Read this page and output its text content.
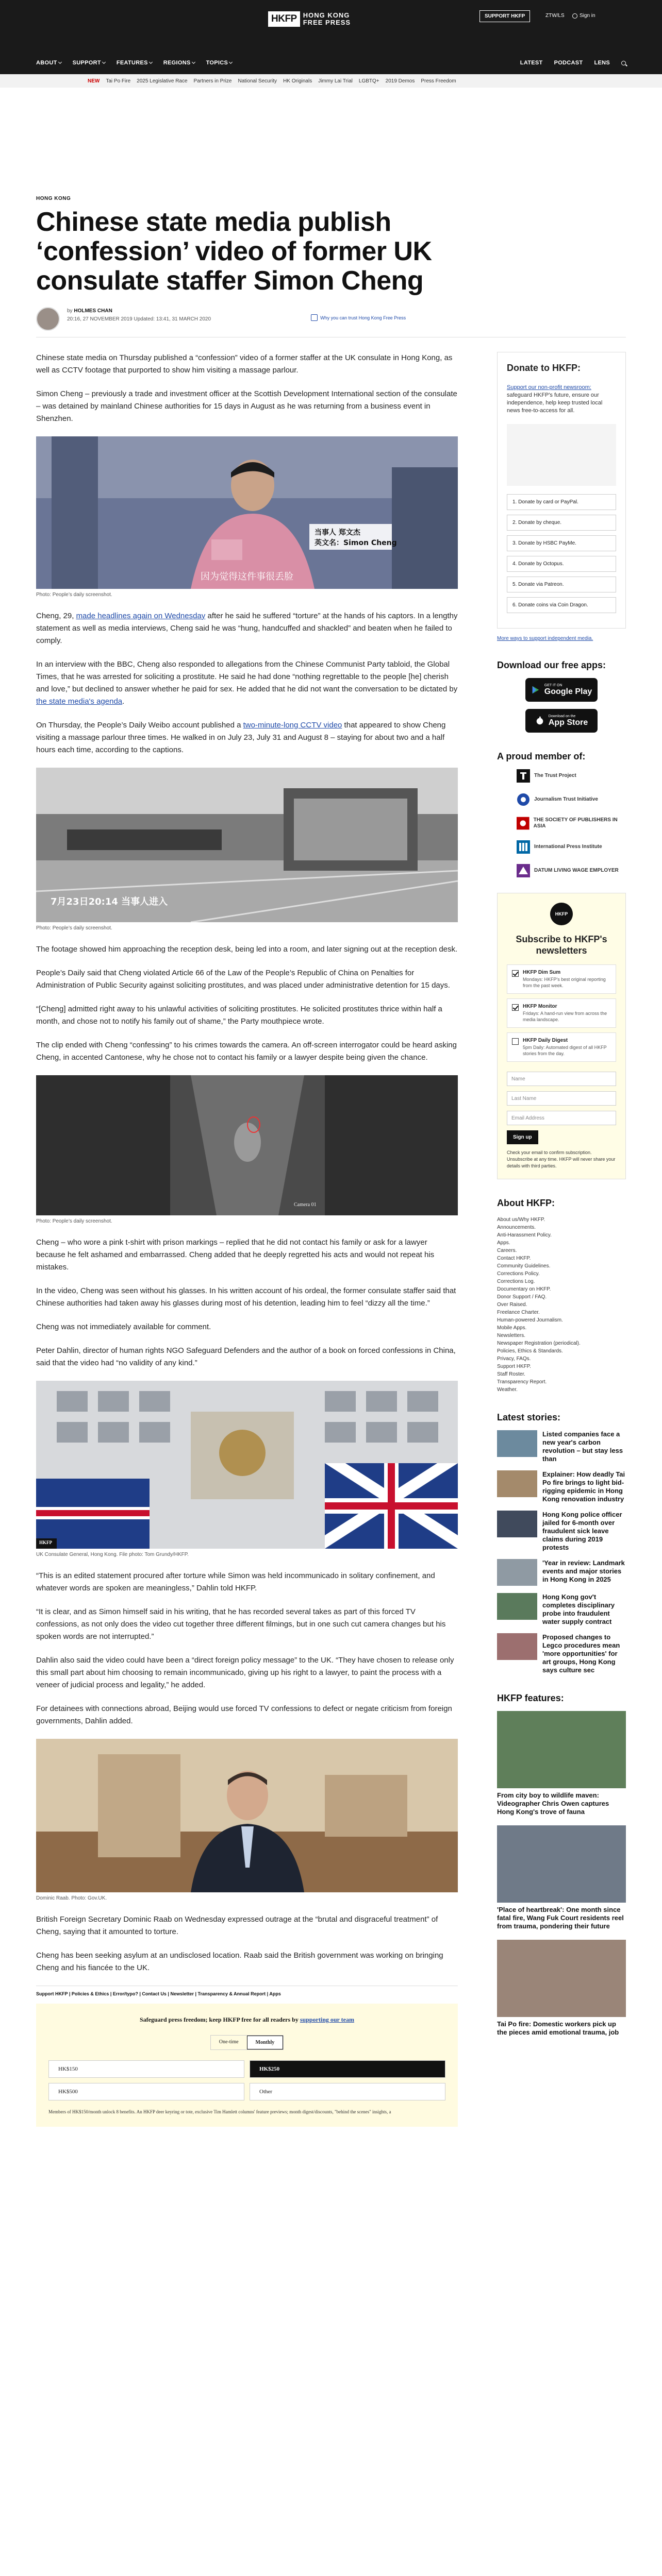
HKFP HONG KONG
FREE PRESS
SUPPORT HKFP	ZTW/LS	Sign in
ABOUT	SUPPORT	FEATURES	REGIONS	TOPICS	LATEST PODCAST LENS
NEW Tai Po Fire 2025 Legislative Race Partners in Prize National Security HK Originals Jimmy Lai Trial LGBTQ+ 2019 Demos Press Freedom
HONG KONG
Chinese state media publish ‘confession’ video of former UK consulate staffer Simon Cheng
by HOLMES CHAN
20:16, 27 NOVEMBER 2019 Updated: 13:41, 31 MARCH 2020	Why you can trust Hong Kong Free Press

Chinese state media on Thursday published a “confession” video of a former staffer at the UK consulate in Hong Kong, as well as CCTV footage that purported to show him visiting a massage parlour.

Simon Cheng – previously a trade and investment officer at the Scottish Development International section of the consulate – was detained by mainland Chinese authorities for 15 days in August as he was returning from a business event in Shenzhen.

当事人 郑文杰
英文名：Simon Cheng
因为觉得这件事很丢脸
Photo: People’s daily screenshot.

Cheng, 29, made headlines again on Wednesday after he said he suffered “torture” at the hands of his captors. In a lengthy statement as well as media interviews, Cheng said he was “hung, handcuffed and shackled” and beaten when he failed to comply.

In an interview with the BBC, Cheng also responded to allegations from the Chinese Communist Party tabloid, the Global Times, that he was arrested for soliciting a prostitute. He said he had done “nothing regrettable to the people [he] cherish and love,” but declined to answer whether he paid for sex. He added that he did not want the conversation to be dictated by the state media's agenda.

On Thursday, the People’s Daily Weibo account published a two-minute-long CCTV video that appeared to show Cheng visiting a massage parlour three times. He walked in on July 23, July 31 and August 8 – staying for about two and a half hours each time, according to the captions.

7月23日20:14 当事人进入
Photo: People’s daily screenshot.

The footage showed him approaching the reception desk, being led into a room, and later signing out at the reception desk.

People’s Daily said that Cheng violated Article 66 of the Law of the People’s Republic of China on Penalties for Administration of Public Security against soliciting prostitutes, and was placed under administrative detention for 15 days.

“[Cheng] admitted right away to his unlawful activities of soliciting prostitutes. He solicited prostitutes thrice within half a month, and chose not to notify his family out of shame,” the Party mouthpiece wrote.

The clip ended with Cheng “confessing” to his crimes towards the camera. An off-screen interrogator could be heard asking Cheng, in accented Cantonese, why he chose not to contact his family or a lawyer despite being given the chance.

Camera 01
Photo: People’s daily screenshot.

Cheng – who wore a pink t-shirt with prison markings – replied that he did not contact his family or ask for a lawyer because he felt ashamed and embarrassed. Cheng added that he deeply regretted his acts and would not repeat his mistakes.

In the video, Cheng was seen without his glasses. In his written account of his ordeal, the former consulate staffer said that Chinese authorities had taken away his glasses during most of his detention, leading him to feel “dizzy all the time.”

Cheng was not immediately available for comment.

Peter Dahlin, director of human rights NGO Safeguard Defenders and the author of a book on forced confessions in China, said that the video had “no validity of any kind.”

HKFP
UK Consulate General, Hong Kong. File photo: Tom Grundy/HKFP.

“This is an edited statement procured after torture while Simon was held incommunicado in solitary confinement, and whatever words are spoken are meaningless,” Dahlin told HKFP.

“It is clear, and as Simon himself said in his writing, that he has recorded several takes as part of this forced TV confessions, as not only does the video cut together three different filmings, but in one such cut camera changes but his spoken words are not interrupted.”

Dahlin also said the video could have been a “direct foreign policy message” to the UK. “They have chosen to release only this small part about him choosing to remain incommunicado, giving up his right to a lawyer, to paint the process with a veneer of judicial process and legality,” he added.

For detainees with connections abroad, Beijing would use forced TV confessions to defect or negate criticism from foreign governments, Dahlin added.

Dominic Raab. Photo: Gov.UK.

British Foreign Secretary Dominic Raab on Wednesday expressed outrage at the “brutal and disgraceful treatment” of Cheng, saying that it amounted to torture.

Cheng has been seeking asylum at an undisclosed location. Raab said the British government was working on bringing Cheng and his fiancée to the UK.

Support HKFP | Policies & Ethics | Error/typo? | Contact Us | Newsletter | Transparency & Annual Report | Apps
Safeguard press freedom; keep HKFP free for all readers by supporting our team
One-time	Monthly
HK$150	HK$250
HK$500	Other
Members of HK$150/month unlock 8 benefits. An HKFP deer keyring or tote, exclusive Tim Hamlett columns' feature previews; month digest/discounts, "behind the scenes" insights, a
Donate to HKFP:
Support our non-profit newsroom: safeguard HKFP's future, ensure our independence, help keep trusted local news free-to-access for all.
1. Donate by card or PayPal.
2. Donate by cheque.
3. Donate by HSBC PayMe.
4. Donate by Octopus.
5. Donate via Patreon.
6. Donate coins via Coin Dragon.
More ways to support independent media.
Download our free apps:
GET IT ON
Google Play
Download on the
App Store
A proud member of:
The Trust Project
Journalism Trust Initiative
THE SOCIETY OF PUBLISHERS IN ASIA
International Press Institute
DATUM LIVING WAGE EMPLOYER
HKFP
Subscribe to HKFP's newsletters
HKFP Dim Sum
Mondays: HKFP's best original reporting from the past week.
HKFP Monitor
Fridays: A hand-run view from across the media landscape.
HKFP Daily Digest
5pm Daily: Automated digest of all HKFP stories from the day.
Name
Last Name
Email Address
Sign up
Check your email to confirm subscription. Unsubscribe at any time. HKFP will never share your details with third parties.
About HKFP:
About us/Why HKFP.
Announcements.
Anti-Harassment Policy.
Apps.
Careers.
Contact HKFP.
Community Guidelines.
Corrections Policy.
Corrections Log.
Documentary on HKFP.
Donor Support / FAQ.
Over Raised.
Freelance Charter.
Human-powered Journalism.
Mobile Apps.
Newsletters.
Newspaper Registration (periodical).
Policies, Ethics & Standards.
Privacy, FAQs.
Support HKFP.
Staff Roster.
Transparency Report.
Weather.
Latest stories:
Listed companies face a new year's carbon revolution – but stay less than
Explainer: How deadly Tai Po fire brings to light bid-rigging epidemic in Hong Kong renovation industry
Hong Kong police officer jailed for 6-month over fraudulent sick leave claims during 2019 protests
'Year in review: Landmark events and major stories in Hong Kong in 2025
Hong Kong gov't completes disciplinary probe into fraudulent water supply contract
Proposed changes to Legco procedures mean 'more opportunities' for art groups, Hong Kong says culture sec
HKFP features:
From city boy to wildlife maven: Videographer Chris Owen captures Hong Kong's trove of fauna
'Place of heartbreak': One month since fatal fire, Wang Fuk Court residents reel from trauma, pondering their future
Tai Po fire: Domestic workers pick up the pieces amid emotional trauma, job
